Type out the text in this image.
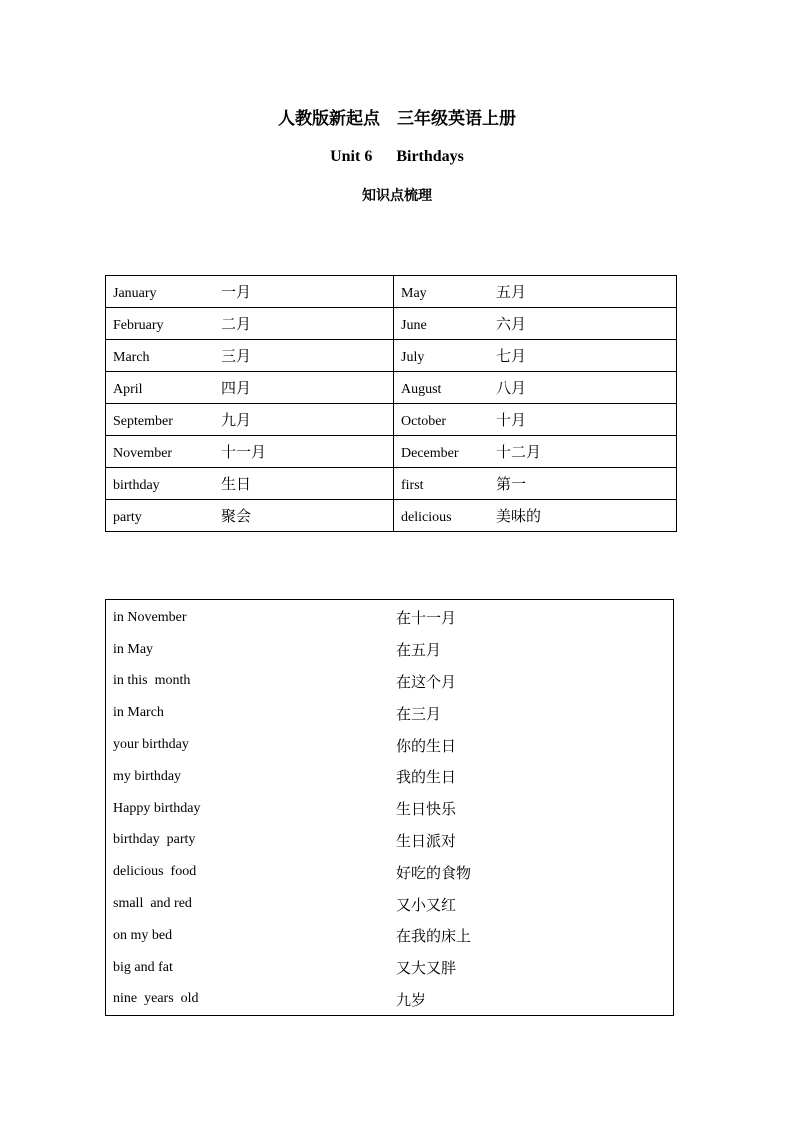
人教版新起点　三年级英语上册
Unit 6      Birthdays
知识点梳理
January 一月	May 五月
February 二月	June 六月
March 三月	July 七月
April 四月	August 八月
September 九月	October 十月
November 十一月	December 十二月
birthday 生日	first 第一
party 聚会	delicious 美味的
in November	在十一月
in May	在五月
in this  month	在这个月
in March	在三月
your birthday	你的生日
my birthday	我的生日
Happy birthday	生日快乐
birthday  party	生日派对
delicious  food	好吃的食物
small  and red	又小又红
on my bed	在我的床上
big and fat	又大又胖
nine  years  old	九岁
